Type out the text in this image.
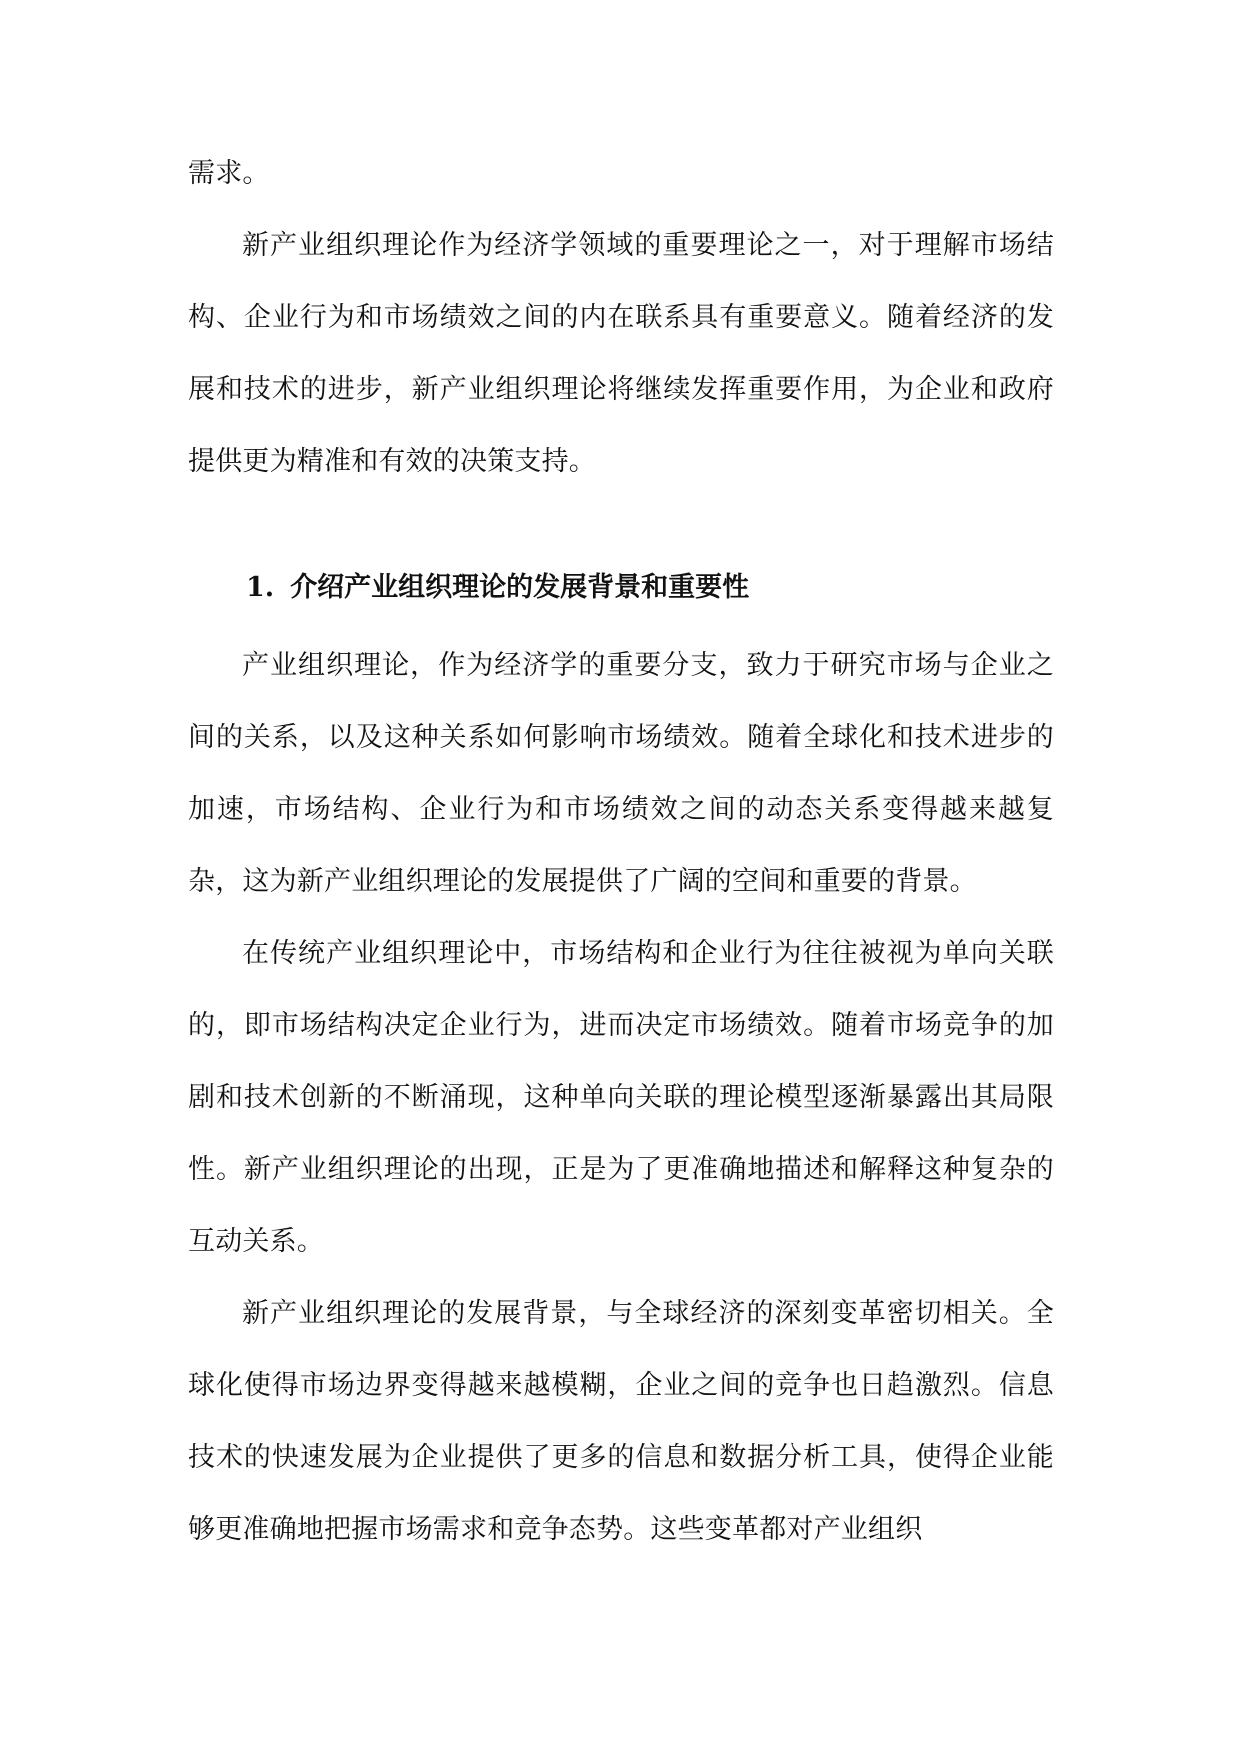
需求。

新产业组织理论作为经济学领域的重要理论之一，对于理解市场结构、企业行为和市场绩效之间的内在联系具有重要意义。随着经济的发展和技术的进步，新产业组织理论将继续发挥重要作用，为企业和政府提供更为精准和有效的决策支持。

1. 介绍产业组织理论的发展背景和重要性

产业组织理论，作为经济学的重要分支，致力于研究市场与企业之间的关系，以及这种关系如何影响市场绩效。随着全球化和技术进步的加速，市场结构、企业行为和市场绩效之间的动态关系变得越来越复杂，这为新产业组织理论的发展提供了广阔的空间和重要的背景。

在传统产业组织理论中，市场结构和企业行为往往被视为单向关联的，即市场结构决定企业行为，进而决定市场绩效。随着市场竞争的加剧和技术创新的不断涌现，这种单向关联的理论模型逐渐暴露出其局限性。新产业组织理论的出现，正是为了更准确地描述和解释这种复杂的互动关系。

新产业组织理论的发展背景，与全球经济的深刻变革密切相关。全球化使得市场边界变得越来越模糊，企业之间的竞争也日趋激烈。信息技术的快速发展为企业提供了更多的信息和数据分析工具，使得企业能够更准确地把握市场需求和竞争态势。这些变革都对产业组织
